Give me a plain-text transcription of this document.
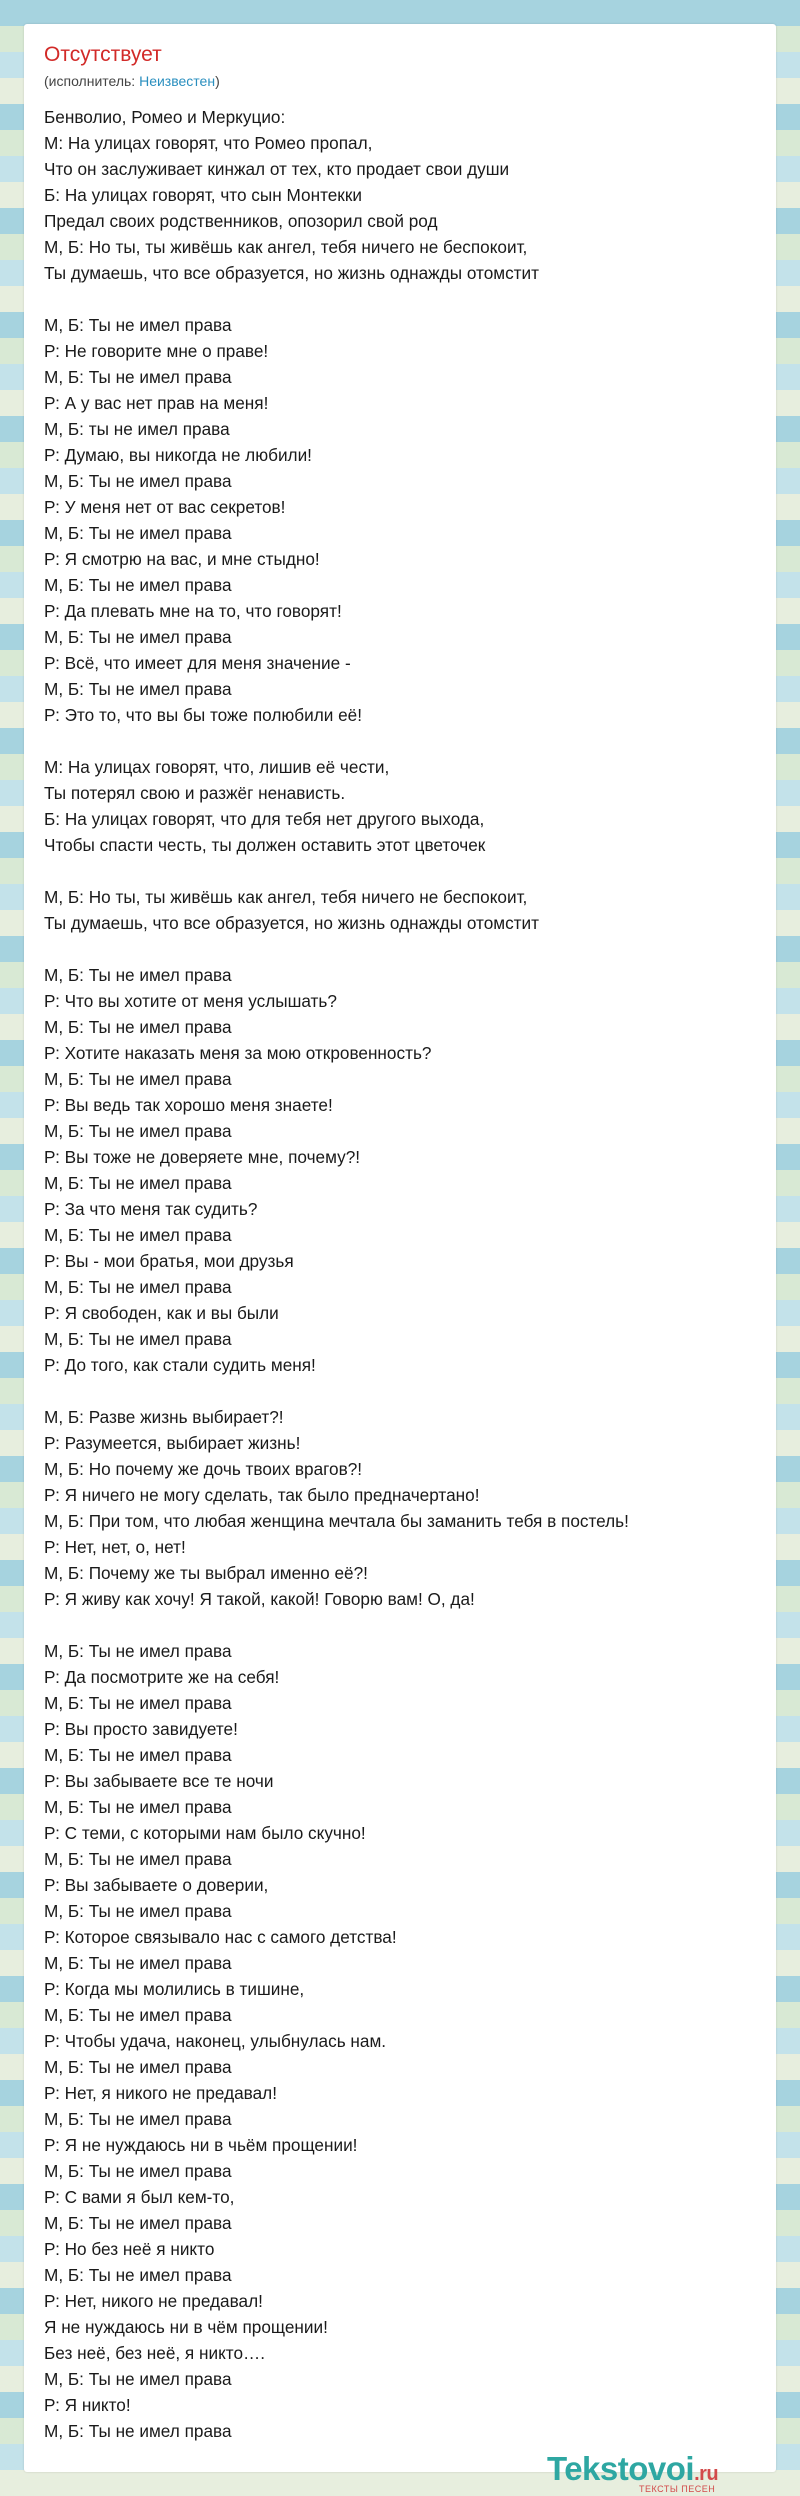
Отсутствует
(исполнитель: Неизвестен)
Бенволио, Ромео и Меркуцио:
М: На улицах говорят, что Ромео пропал,
Что он заслуживает кинжал от тех, кто продает свои души
Б: На улицах говорят, что сын Монтекки
Предал своих родственников, опозорил свой род
М, Б: Но ты, ты живёшь как ангел, тебя ничего не беспокоит,
Ты думаешь, что все образуется, но жизнь однажды отомстит
М, Б: Ты не имел права
Р: Не говорите мне о праве!
М, Б: Ты не имел права
Р: А у вас нет прав на меня!
М, Б: ты не имел права
Р: Думаю, вы никогда не любили!
М, Б: Ты не имел права
Р: У меня нет от вас секретов!
М, Б: Ты не имел права
Р: Я смотрю на вас, и мне стыдно!
М, Б: Ты не имел права
Р: Да плевать мне на то, что говорят!
М, Б: Ты не имел права
Р: Всё, что имеет для меня значение -
М, Б: Ты не имел права
Р: Это то, что вы бы тоже полюбили её!
М: На улицах говорят, что, лишив её чести,
Ты потерял свою и разжёг ненависть.
Б: На улицах говорят, что для тебя нет другого выхода,
Чтобы спасти честь, ты должен оставить этот цветочек
М, Б: Но ты, ты живёшь как ангел, тебя ничего не беспокоит,
Ты думаешь, что все образуется, но жизнь однажды отомстит
М, Б: Ты не имел права
Р: Что вы хотите от меня услышать?
М, Б: Ты не имел права
Р: Хотите наказать меня за мою откровенность?
М, Б: Ты не имел права
Р: Вы ведь так хорошо меня знаете!
М, Б: Ты не имел права
Р: Вы тоже не доверяете мне, почему?!
М, Б: Ты не имел права
Р: За что меня так судить?
М, Б: Ты не имел права
Р: Вы - мои братья, мои друзья
М, Б: Ты не имел права
Р: Я свободен, как и вы были
М, Б: Ты не имел права
Р: До того, как стали судить меня!
М, Б: Разве жизнь выбирает?!
Р: Разумеется, выбирает жизнь!
М, Б: Но почему же дочь твоих врагов?!
Р: Я ничего не могу сделать, так было предначертано!
М, Б: При том, что любая женщина мечтала бы заманить тебя в постель!
Р: Нет, нет, о, нет!
М, Б: Почему же ты выбрал именно её?!
Р: Я живу как хочу! Я такой, какой! Говорю вам! О, да!
М, Б: Ты не имел права
Р: Да посмотрите же на себя!
М, Б: Ты не имел права
Р: Вы просто завидуете!
М, Б: Ты не имел права
Р: Вы забываете все те ночи
М, Б: Ты не имел права
Р: С теми, с которыми нам было скучно!
М, Б: Ты не имел права
Р: Вы забываете о доверии,
М, Б: Ты не имел права
Р: Которое связывало нас с самого детства!
М, Б: Ты не имел права
Р: Когда мы молились в тишине,
М, Б: Ты не имел права
Р: Чтобы удача, наконец, улыбнулась нам.
М, Б: Ты не имел права
Р: Нет, я никого не предавал!
М, Б: Ты не имел права
Р: Я не нуждаюсь ни в чьём прощении!
М, Б: Ты не имел права
Р: С вами я был кем-то,
М, Б: Ты не имел права
Р: Но без неё я никто
М, Б: Ты не имел права
Р: Нет, никого не предавал!
Я не нуждаюсь ни в чём прощении!
Без неё, без неё, я никто….
М, Б: Ты не имел права
Р: Я никто!
М, Б: Ты не имел права
Tekstovoi.ru
ТЕКСТЫ ПЕСЕН
